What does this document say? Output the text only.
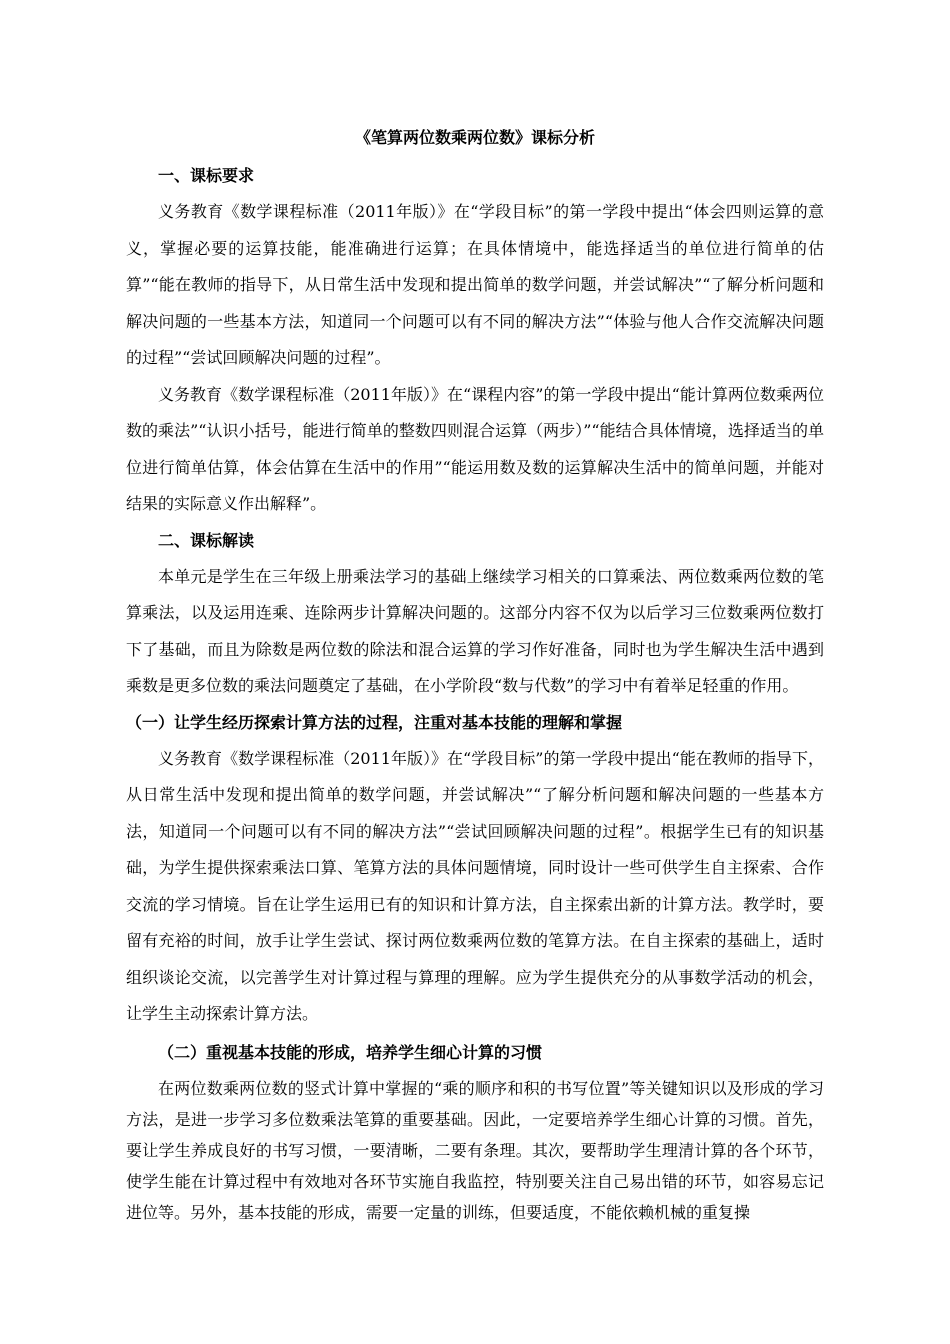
《笔算两位数乘两位数》课标分析
一、课标要求

义务教育《数学课程标准（2011年版）》在“学段目标”的第一学段中提出“体会四则运算的意义，掌握必要的运算技能，能准确进行运算；在具体情境中，能选择适当的单位进行简单的估算”“能在教师的指导下，从日常生活中发现和提出简单的数学问题，并尝试解决”“了解分析问题和解决问题的一些基本方法，知道同一个问题可以有不同的解决方法”“体验与他人合作交流解决问题的过程”“尝试回顾解决问题的过程”。

义务教育《数学课程标准（2011年版）》在“课程内容”的第一学段中提出“能计算两位数乘两位数的乘法”“认识小括号，能进行简单的整数四则混合运算（两步）”“能结合具体情境，选择适当的单位进行简单估算，体会估算在生活中的作用”“能运用数及数的运算解决生活中的简单问题，并能对结果的实际意义作出解释”。

二、课标解读

本单元是学生在三年级上册乘法学习的基础上继续学习相关的口算乘法、两位数乘两位数的笔算乘法，以及运用连乘、连除两步计算解决问题的。这部分内容不仅为以后学习三位数乘两位数打下了基础，而且为除数是两位数的除法和混合运算的学习作好准备，同时也为学生解决生活中遇到乘数是更多位数的乘法问题奠定了基础，在小学阶段“数与代数”的学习中有着举足轻重的作用。

（一）让学生经历探索计算方法的过程，注重对基本技能的理解和掌握

义务教育《数学课程标准（2011年版）》在“学段目标”的第一学段中提出“能在教师的指导下，从日常生活中发现和提出简单的数学问题，并尝试解决”“了解分析问题和解决问题的一些基本方法，知道同一个问题可以有不同的解决方法”“尝试回顾解决问题的过程”。根据学生已有的知识基础，为学生提供探索乘法口算、笔算方法的具体问题情境，同时设计一些可供学生自主探索、合作交流的学习情境。旨在让学生运用已有的知识和计算方法，自主探索出新的计算方法。教学时，要留有充裕的时间，放手让学生尝试、探讨两位数乘两位数的笔算方法。在自主探索的基础上，适时组织谈论交流，以完善学生对计算过程与算理的理解。应为学生提供充分的从事数学活动的机会，让学生主动探索计算方法。

（二）重视基本技能的形成，培养学生细心计算的习惯

在两位数乘两位数的竖式计算中掌握的“乘的顺序和积的书写位置”等关键知识以及形成的学习方法，是进一步学习多位数乘法笔算的重要基础。因此，一定要培养学生细心计算的习惯。首先，要让学生养成良好的书写习惯，一要清晰，二要有条理。其次，要帮助学生理清计算的各个环节，使学生能在计算过程中有效地对各环节实施自我监控，特别要关注自己易出错的环节，如容易忘记进位等。另外，基本技能的形成，需要一定量的训练，但要适度，不能依赖机械的重复操
